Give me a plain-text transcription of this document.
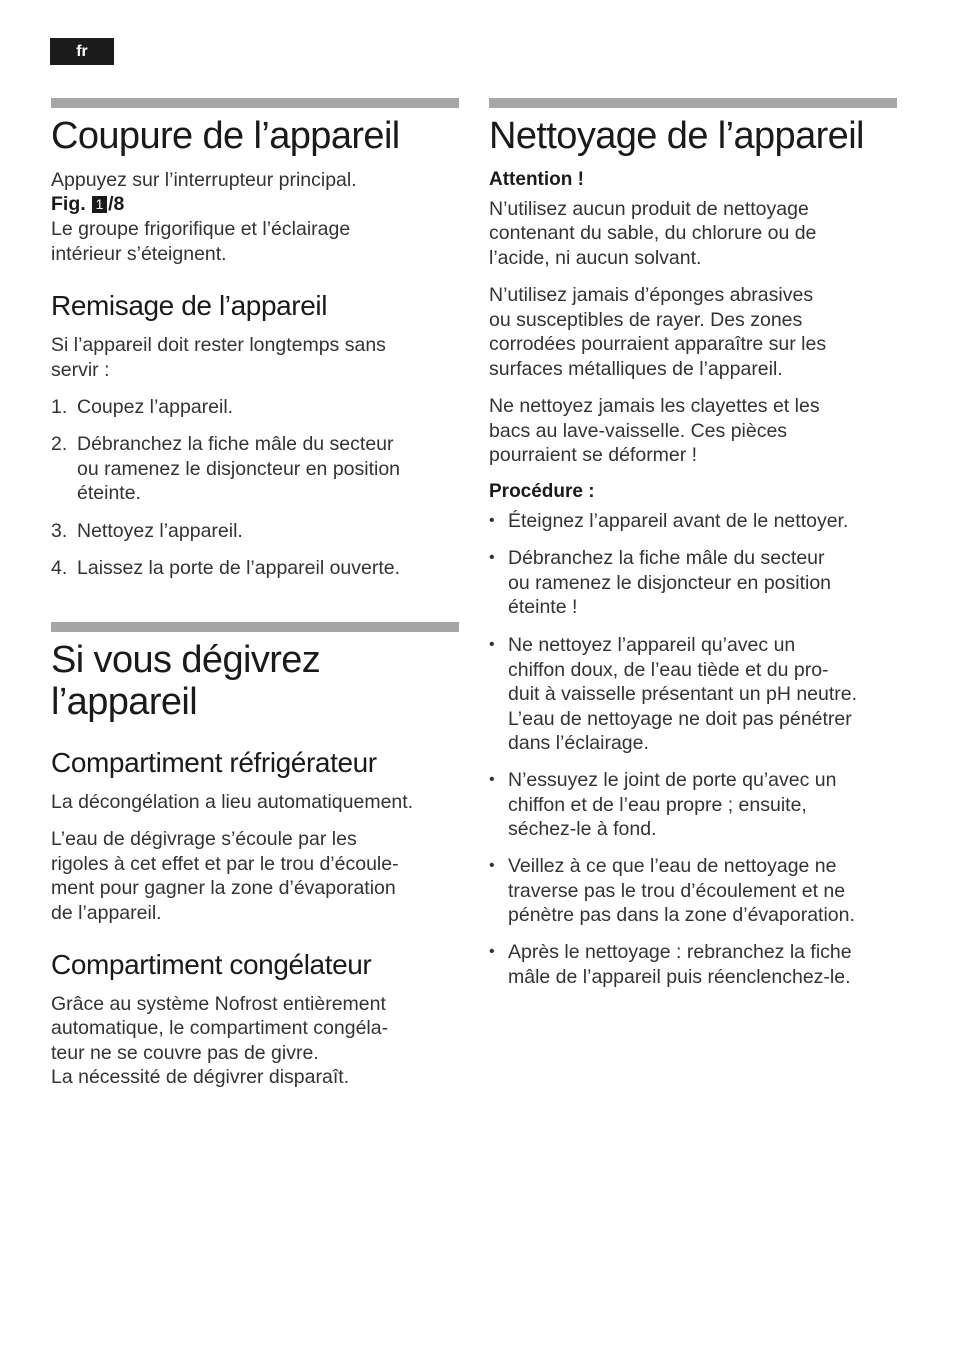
fr
Coupure de l’appareil

Appuyez sur l’interrupteur principal.

Fig. 1 /8

Le groupe frigorifique et l’éclairage

intérieur s’éteignent.

Remisage de l’appareil

Si l’appareil doit rester longtemps sans

servir :

1. Coupez l’appareil.
2. Débranchez la fiche mâle du secteur
ou ramenez le disjoncteur en position
éteinte.
3. Nettoyez l’appareil.
4. Laissez la porte de l’appareil ouverte.
Si vous dégivrez
l’appareil
Compartiment réfrigérateur

La décongélation a lieu automatiquement.

L’eau de dégivrage s’écoule par les

rigoles à cet effet et par le trou d’écoule-

ment pour gagner la zone d’évaporation

de l’appareil.

Compartiment congélateur

Grâce au système Nofrost entièrement

automatique, le compartiment congéla-

teur ne se couvre pas de givre.

La nécessité de dégivrer disparaît.

Nettoyage de l’appareil

Attention !

N’utilisez aucun produit de nettoyage

contenant du sable, du chlorure ou de

l’acide, ni aucun solvant.

N’utilisez jamais d’éponges abrasives

ou susceptibles de rayer. Des zones

corrodées pourraient apparaître sur les

surfaces métalliques de l’appareil.

Ne nettoyez jamais les clayettes et les

bacs au lave-vaisselle. Ces pièces

pourraient se déformer !

Procédure :

• Éteignez l’appareil avant de le nettoyer.
• Débranchez la fiche mâle du secteur
ou ramenez le disjoncteur en position
éteinte !
• Ne nettoyez l’appareil qu’avec un
chiffon doux, de l’eau tiède et du pro-
duit à vaisselle présentant un pH neutre.
L’eau de nettoyage ne doit pas pénétrer
dans l’éclairage.
• N’essuyez le joint de porte qu’avec un
chiffon et de l’eau propre ; ensuite,
séchez-le à fond.
• Veillez à ce que l’eau de nettoyage ne
traverse pas le trou d’écoulement et ne
pénètre pas dans la zone d’évaporation.
• Après le nettoyage : rebranchez la fiche
mâle de l’appareil puis réenclenchez-le.
